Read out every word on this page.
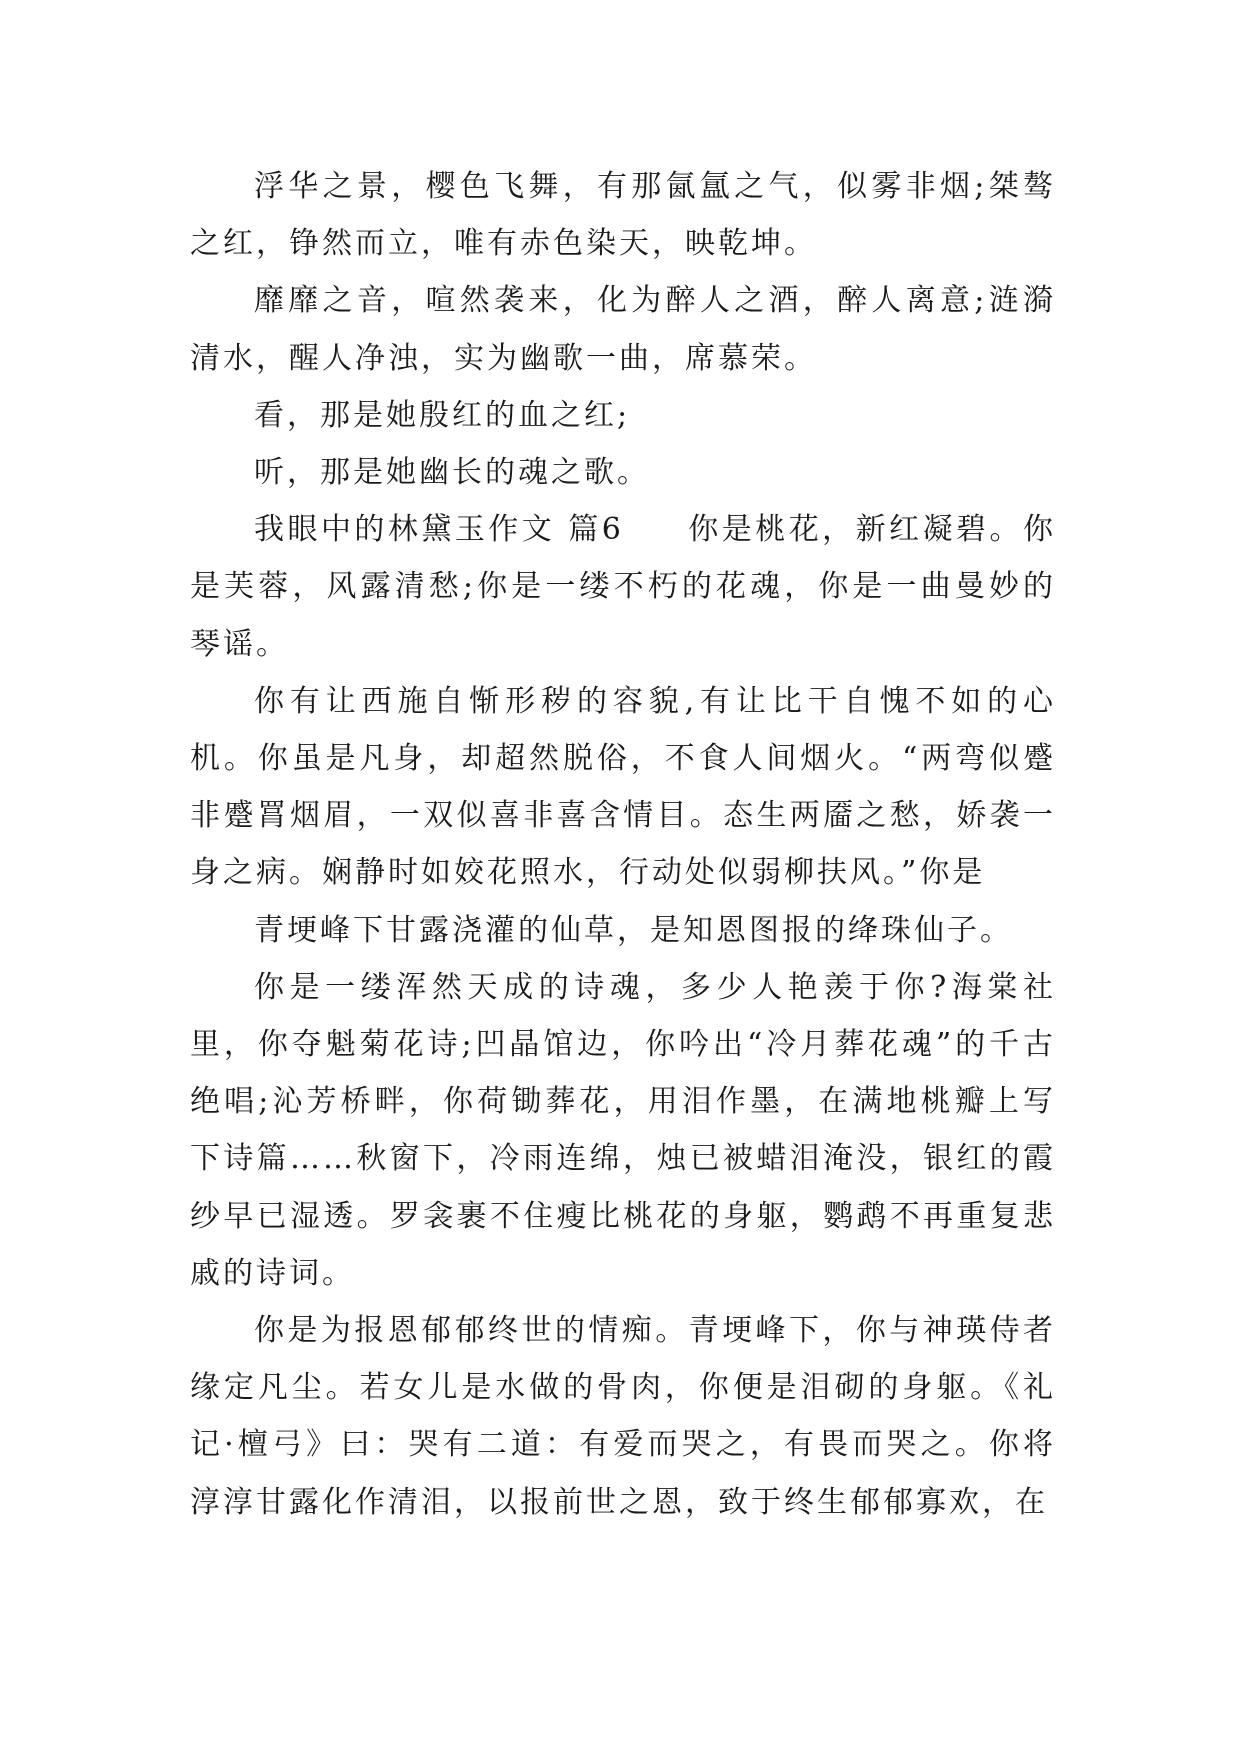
浮华之景，樱色飞舞，有那氤氲之气，似雾非烟;桀骜之红，铮然而立，唯有赤色染天，映乾坤。

靡靡之音，喧然袭来，化为醉人之酒，醉人离意;涟漪清水，醒人净浊，实为幽歌一曲，席慕荣。

看，那是她殷红的血之红;

听，那是她幽长的魂之歌。

我眼中的林黛玉作文 篇6 你是桃花，新红凝碧。你是芙蓉，风露清愁;你是一缕不朽的花魂，你是一曲曼妙的琴谣。

你有让西施自惭形秽的容貌,有让比干自愧不如的心机。你虽是凡身，却超然脱俗，不食人间烟火。“两弯似蹙非蹙罥烟眉，一双似喜非喜含情目。态生两靥之愁，娇袭一身之病。娴静时如姣花照水，行动处似弱柳扶风。”你是

青埂峰下甘露浇灌的仙草，是知恩图报的绛珠仙子。

你是一缕浑然天成的诗魂，多少人艳羡于你?海棠社里，你夺魁菊花诗;凹晶馆边，你吟出“冷月葬花魂”的千古绝唱;沁芳桥畔，你荷锄葬花，用泪作墨，在满地桃瓣上写下诗篇……秋窗下，冷雨连绵，烛已被蜡泪淹没，银红的霞纱早已湿透。罗衾裹不住瘦比桃花的身躯，鹦鹉不再重复悲戚的诗词。

你是为报恩郁郁终世的情痴。青埂峰下，你与神瑛侍者缘定凡尘。若女儿是水做的骨肉，你便是泪砌的身躯。《礼记·檀弓》曰：哭有二道：有爱而哭之，有畏而哭之。你将淳淳甘露化作清泪，以报前世之恩，致于终生郁郁寡欢，在
